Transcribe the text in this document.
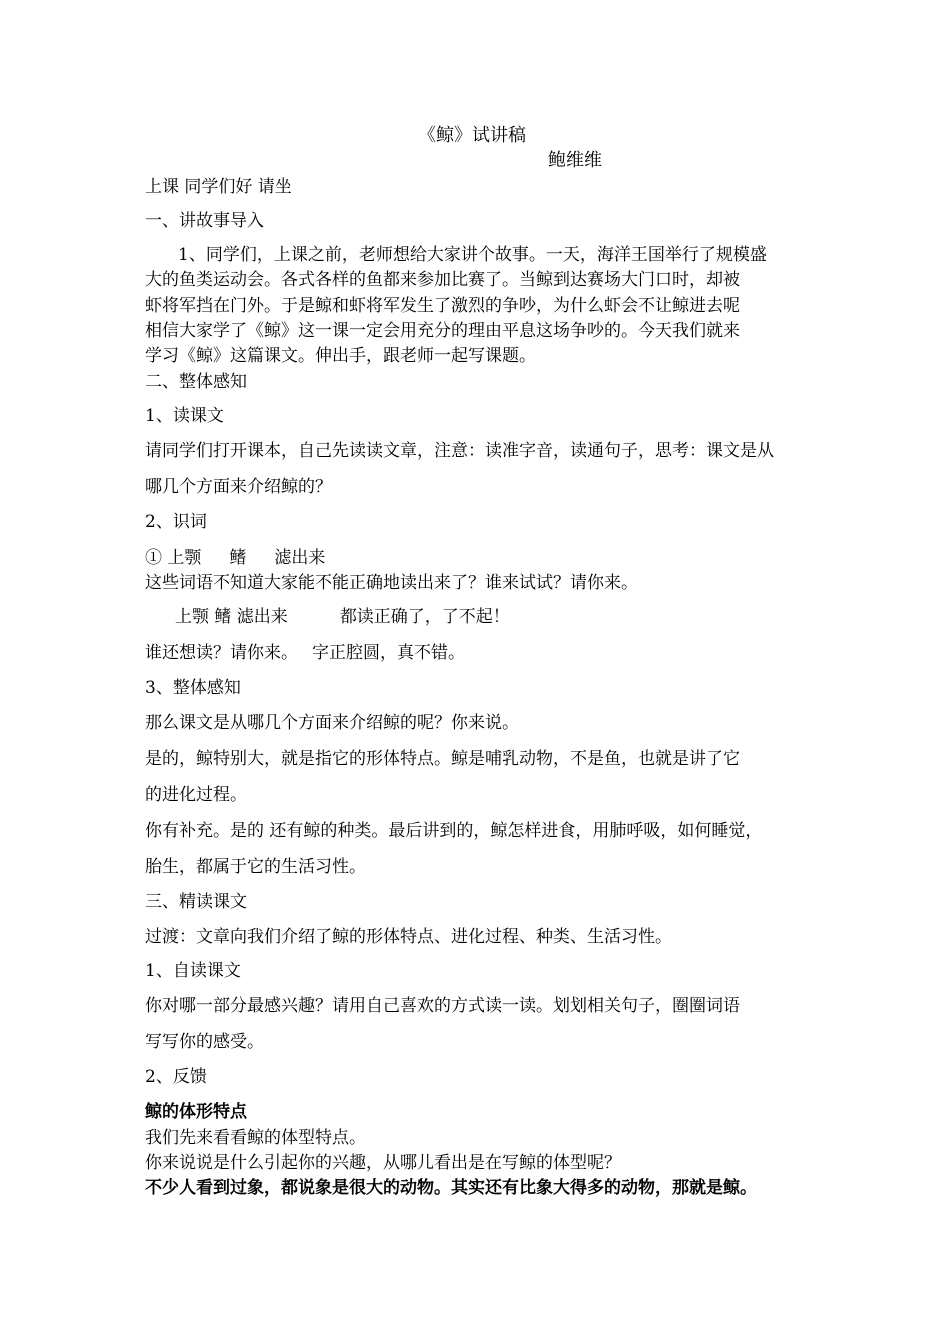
《鲸》试讲稿

鲍维维

上课 同学们好 请坐

一、讲故事导入

1、同学们，上课之前，老师想给大家讲个故事。一天，海洋王国举行了规模盛

大的鱼类运动会。各式各样的鱼都来参加比赛了。当鲸到达赛场大门口时，却被

虾将军挡在门外。于是鲸和虾将军发生了激烈的争吵，为什么虾会不让鲸进去呢

相信大家学了《鲸》这一课一定会用充分的理由平息这场争吵的。今天我们就来

学习《鲸》这篇课文。伸出手，跟老师一起写课题。

二、整体感知

1、读课文

请同学们打开课本，自己先读读文章，注意：读准字音，读通句子，思考：课文是从

哪几个方面来介绍鲸的？

2、识词

① 上颚 鳍 滤出来

这些词语不知道大家能不能正确地读出来了？谁来试试？请你来。

上颚 鳍 滤出来	都读正确了，了不起！

谁还想读？请你来。 字正腔圆，真不错。

3、整体感知

那么课文是从哪几个方面来介绍鲸的呢？你来说。

是的，鲸特别大，就是指它的形体特点。鲸是哺乳动物，不是鱼，也就是讲了它

的进化过程。

你有补充。是的 还有鲸的种类。最后讲到的，鲸怎样进食，用肺呼吸，如何睡觉，

胎生，都属于它的生活习性。

三、精读课文

过渡：文章向我们介绍了鲸的形体特点、进化过程、种类、生活习性。

1、自读课文

你对哪一部分最感兴趣？请用自己喜欢的方式读一读。划划相关句子，圈圈词语

写写你的感受。

2、反馈

鲸的体形特点

我们先来看看鲸的体型特点。

你来说说是什么引起你的兴趣，从哪儿看出是在写鲸的体型呢？

不少人看到过象，都说象是很大的动物。其实还有比象大得多的动物，那就是鲸。
